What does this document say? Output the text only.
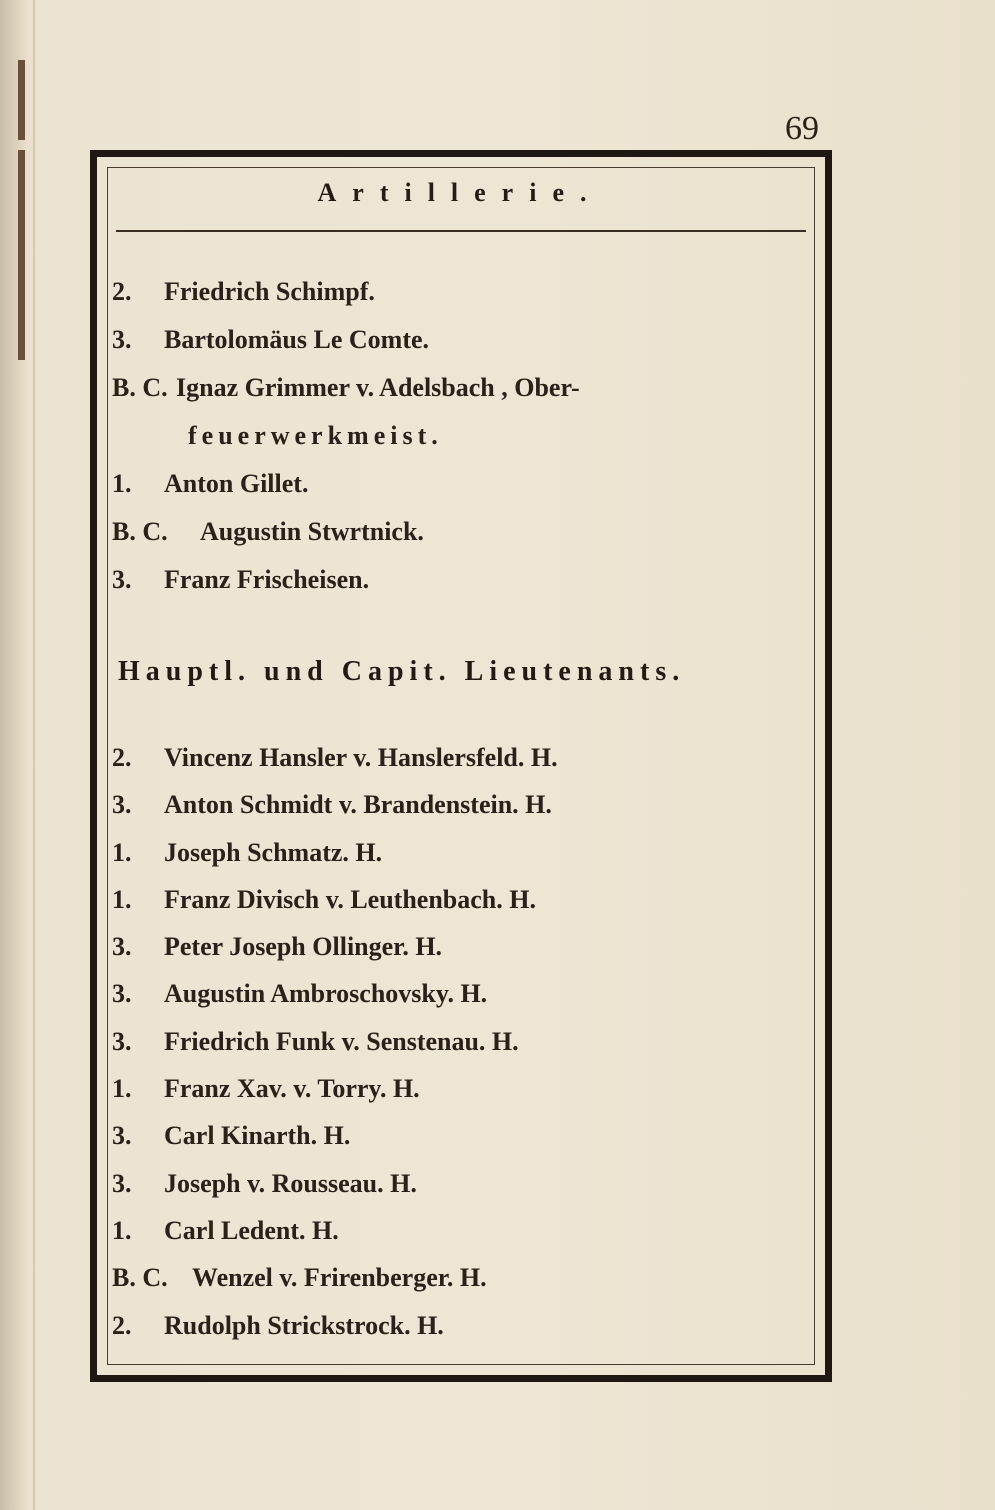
69
Artillerie.
2. Friedrich Schimpf.
3. Bartolomäus Le Comte.
B. C. Ignaz Grimmer v. Adelsbach , Ober-
feuerwerkmeist.
1. Anton Gillet.
B. C. Augustin Stwrtnick.
3. Franz Frischeisen.
Hauptl. und Capit. Lieutenants.
2. Vincenz Hansler v. Hanslersfeld. H.
3. Anton Schmidt v. Brandenstein. H.
1. Joseph Schmatz. H.
1. Franz Divisch v. Leuthenbach. H.
3. Peter Joseph Ollinger. H.
3. Augustin Ambroschovsky. H.
3. Friedrich Funk v. Senstenau. H.
1. Franz Xav. v. Torry. H.
3. Carl Kinarth. H.
3. Joseph v. Rousseau. H.
1. Carl Ledent. H.
B. C. Wenzel v. Frirenberger. H.
2. Rudolph Strickstrock. H.
